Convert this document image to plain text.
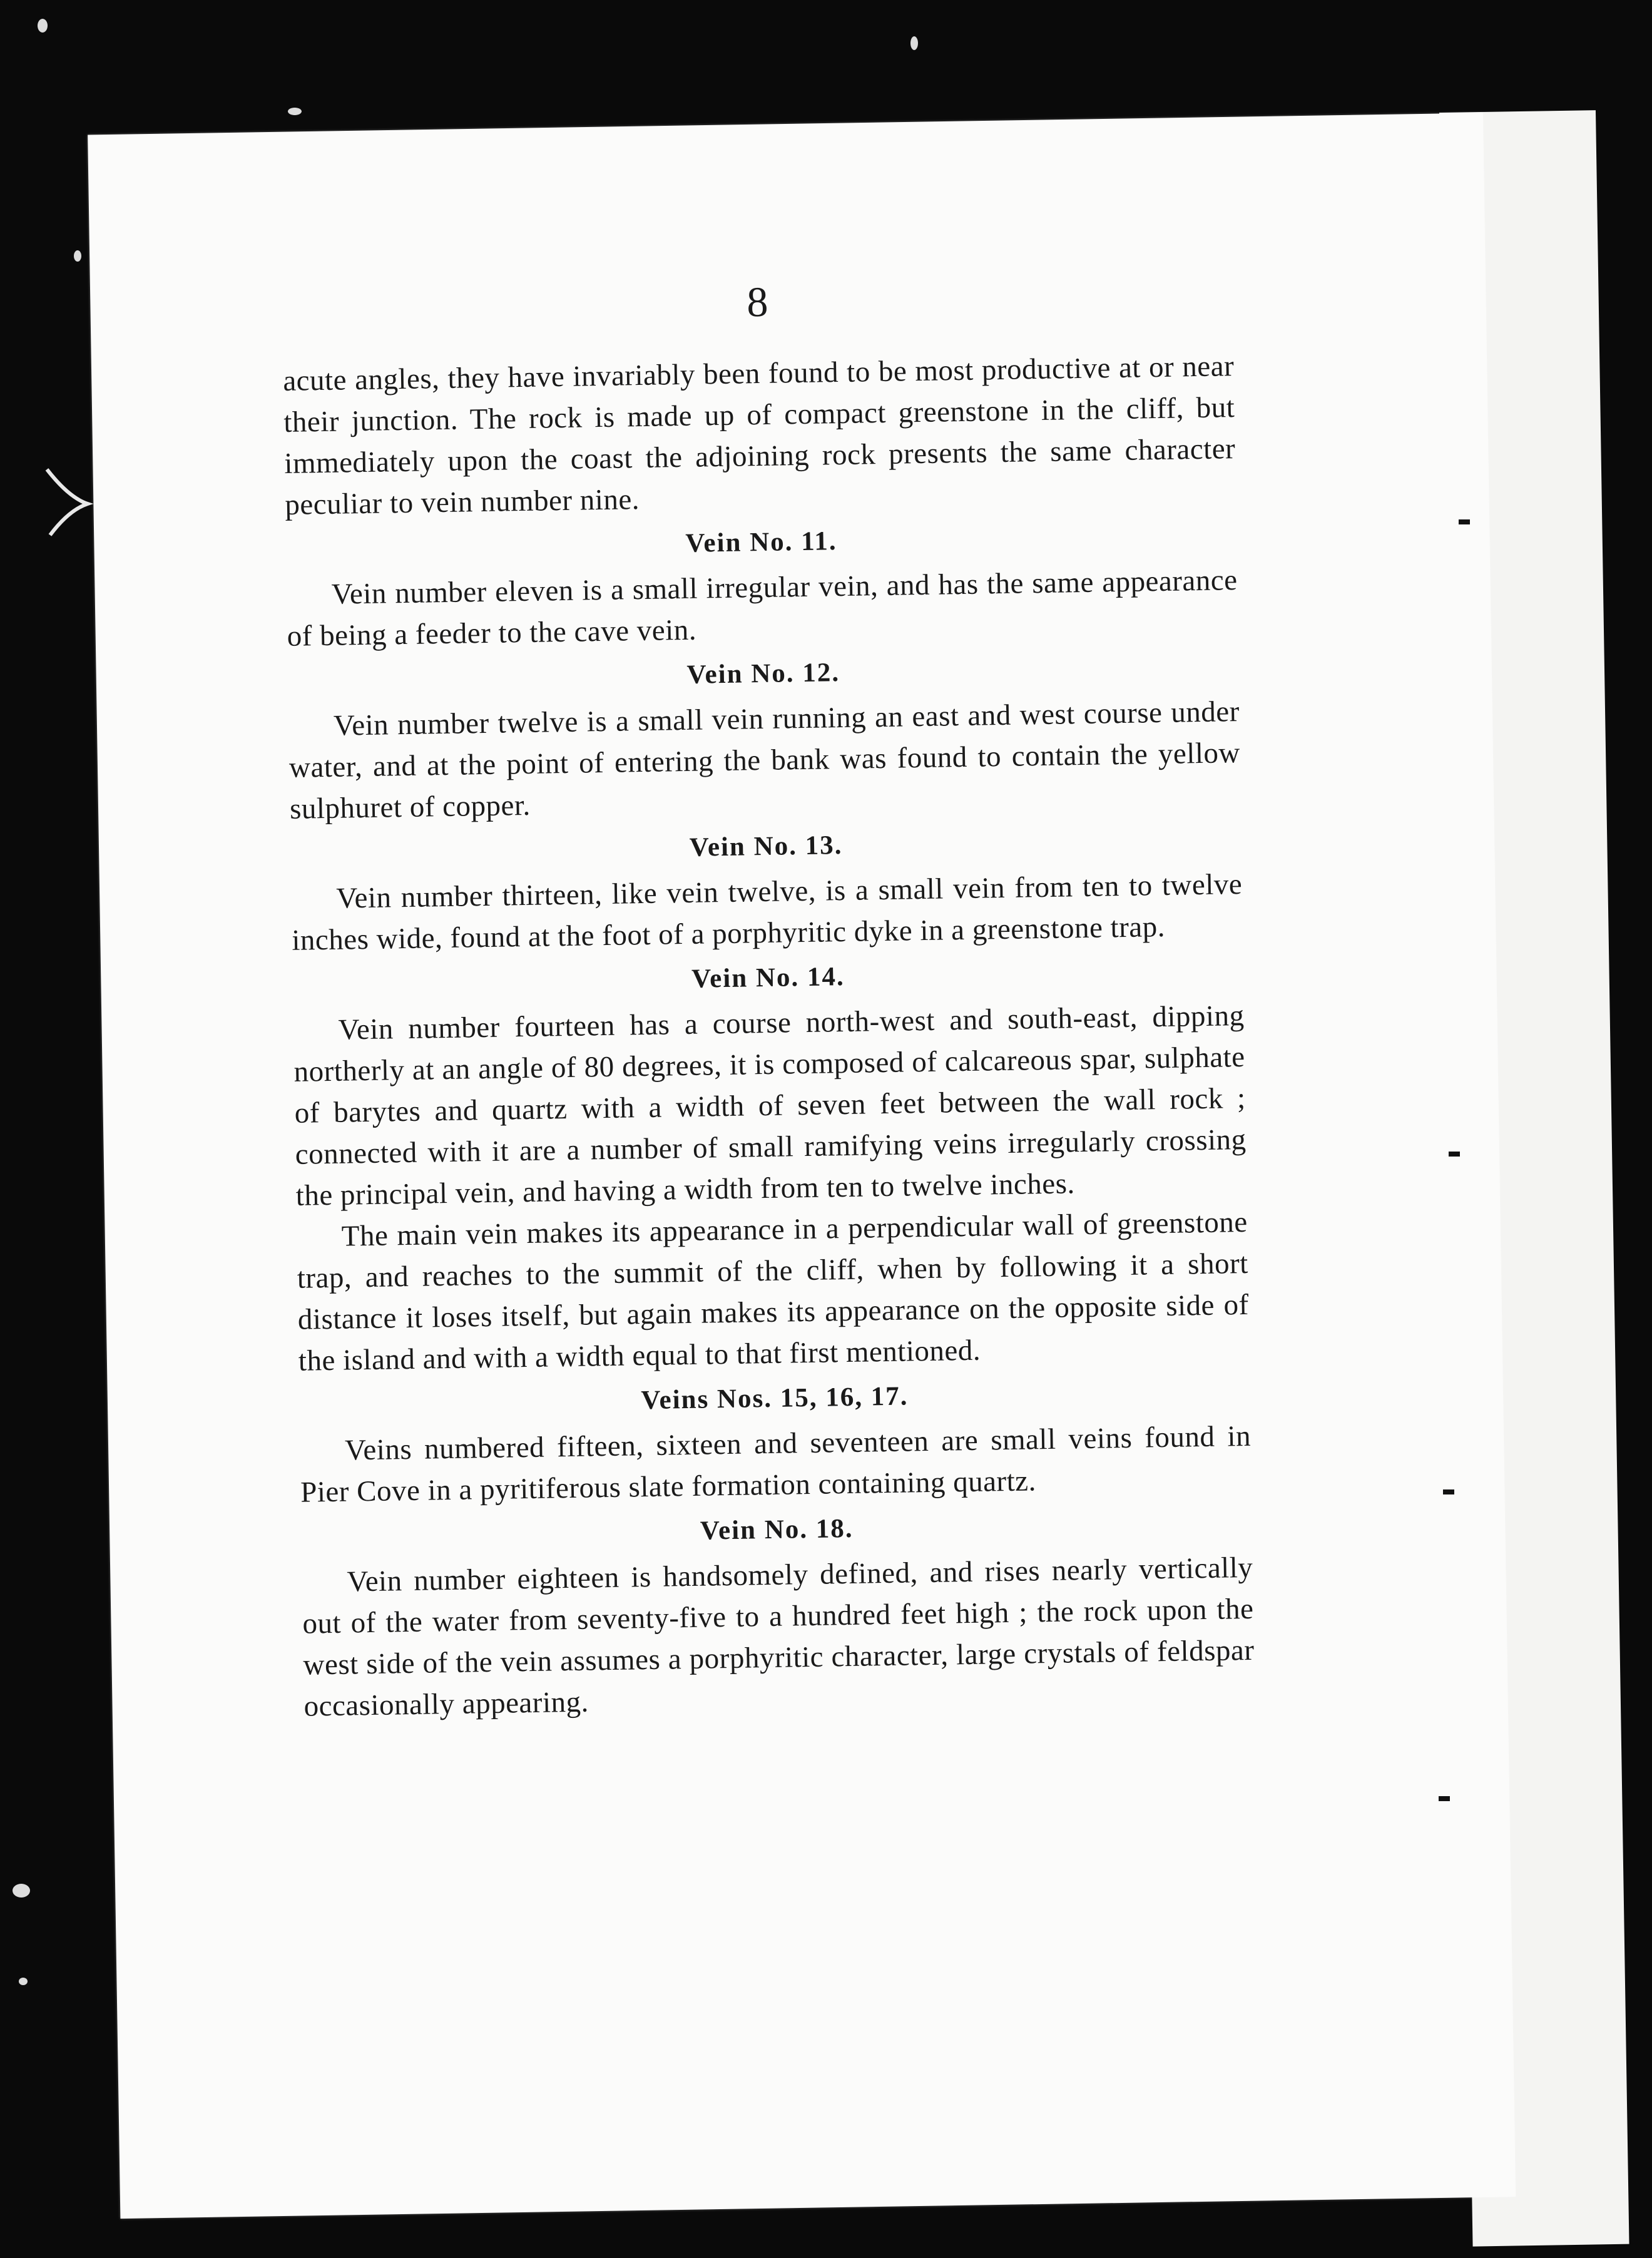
8

acute angles, they have invariably been found to be most productive at or near their junction. The rock is made up of compact greenstone in the cliff, but immediately upon the coast the adjoining rock presents the same character peculiar to vein number nine.

Vein No. 11.

Vein number eleven is a small irregular vein, and has the same appearance of being a feeder to the cave vein.

Vein No. 12.

Vein number twelve is a small vein running an east and west course under water, and at the point of entering the bank was found to contain the yellow sulphuret of copper.

Vein No. 13.

Vein number thirteen, like vein twelve, is a small vein from ten to twelve inches wide, found at the foot of a porphyritic dyke in a greenstone trap.

Vein No. 14.

Vein number fourteen has a course north-west and south-east, dipping northerly at an angle of 80 degrees, it is composed of calcareous spar, sulphate of barytes and quartz with a width of seven feet between the wall rock ; connected with it are a number of small ramifying veins irregularly crossing the principal vein, and having a width from ten to twelve inches.

The main vein makes its appearance in a perpendicular wall of greenstone trap, and reaches to the summit of the cliff, when by following it a short distance it loses itself, but again makes its appearance on the opposite side of the island and with a width equal to that first mentioned.

Veins Nos. 15, 16, 17.

Veins numbered fifteen, sixteen and seventeen are small veins found in Pier Cove in a pyritiferous slate formation containing quartz.

Vein No. 18.

Vein number eighteen is handsomely defined, and rises nearly vertically out of the water from seventy-five to a hundred feet high ; the rock upon the west side of the vein assumes a porphyritic character, large crystals of feldspar occasionally appearing.
